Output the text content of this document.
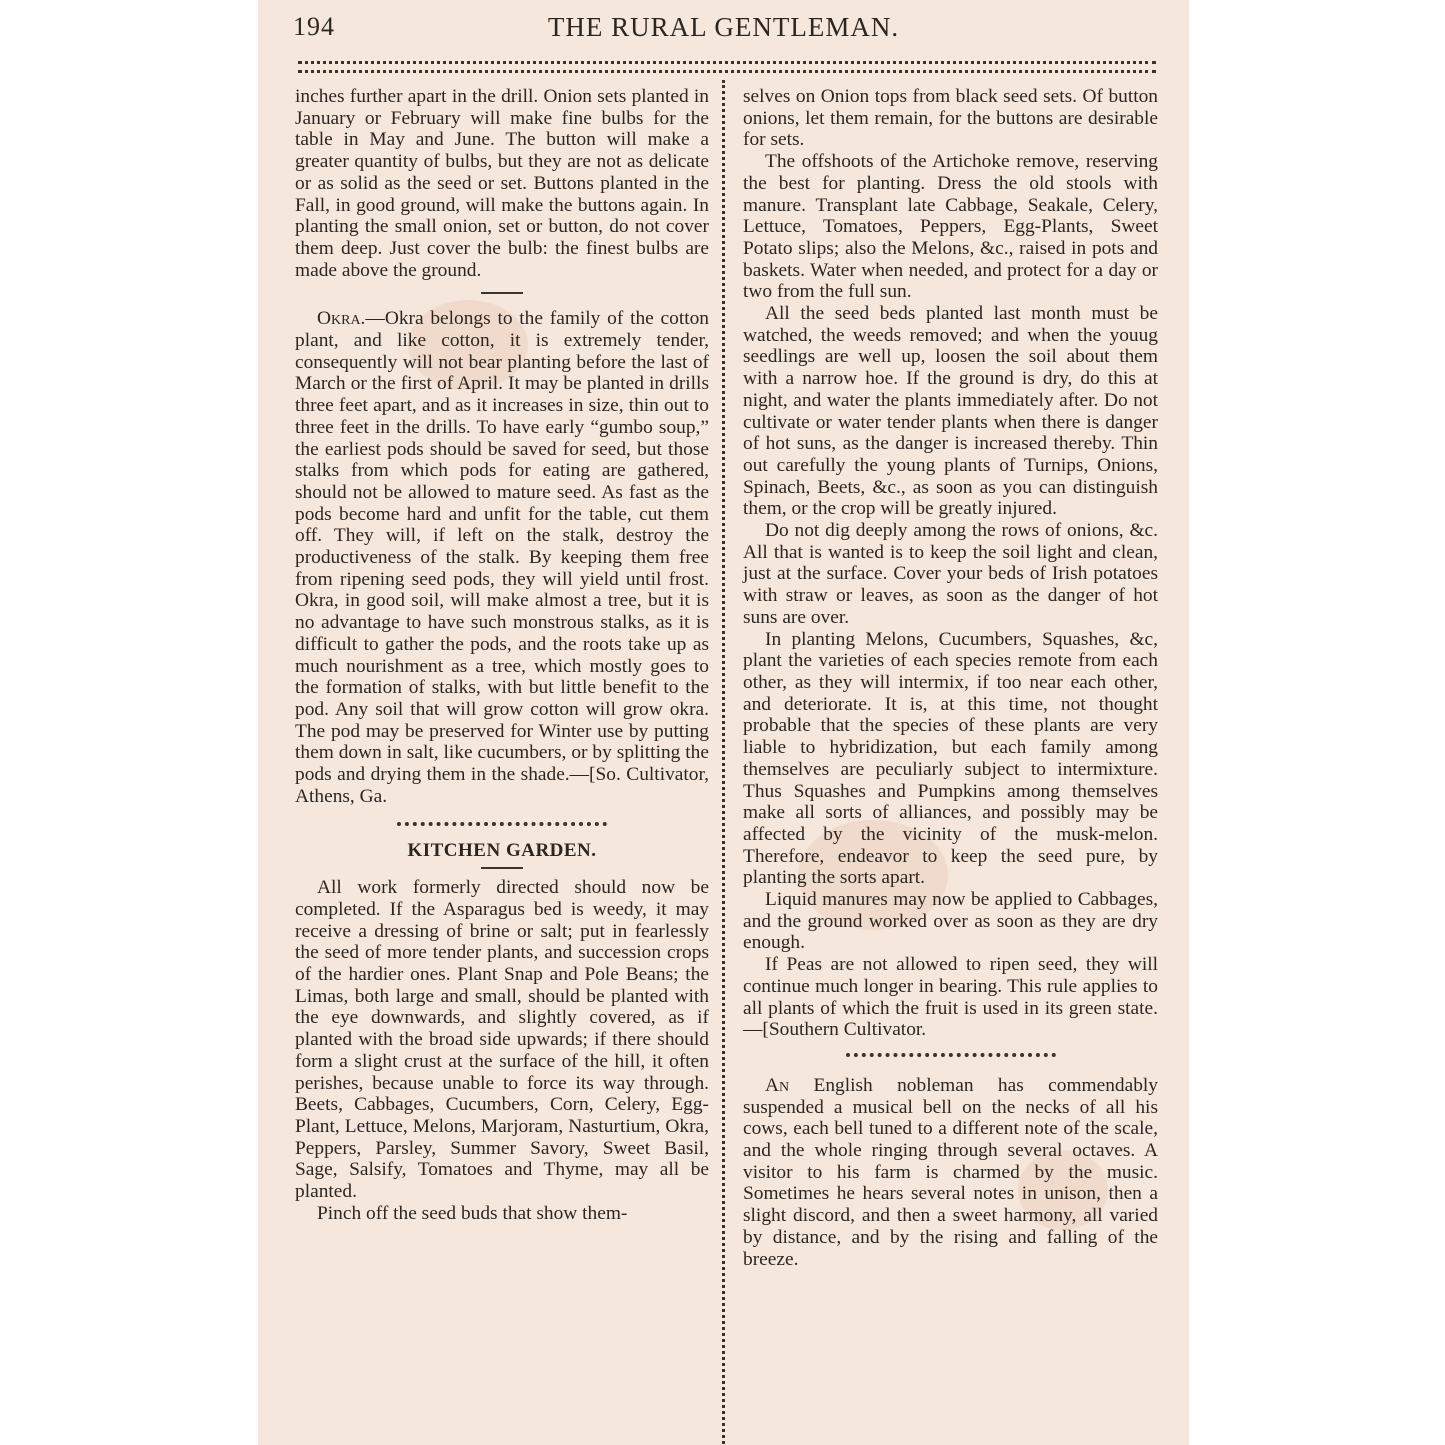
194	THE RURAL GENTLEMAN.

inches further apart in the drill. Onion sets planted in January or February will make fine bulbs for the table in May and June. The button will make a greater quantity of bulbs, but they are not as delicate or as solid as the seed or set. Buttons planted in the Fall, in good ground, will make the buttons again. In planting the small onion, set or button, do not cover them deep. Just cover the bulb: the finest bulbs are made above the ground.

Okra.—Okra belongs to the family of the cotton plant, and like cotton, it is extremely tender, consequently will not bear planting before the last of March or the first of April. It may be planted in drills three feet apart, and as it increases in size, thin out to three feet in the drills. To have early “gumbo soup,” the earliest pods should be saved for seed, but those stalks from which pods for eating are gathered, should not be allowed to mature seed. As fast as the pods become hard and unfit for the table, cut them off. They will, if left on the stalk, destroy the productiveness of the stalk. By keeping them free from ripening seed pods, they will yield until frost. Okra, in good soil, will make almost a tree, but it is no advantage to have such monstrous stalks, as it is difficult to gather the pods, and the roots take up as much nourishment as a tree, which mostly goes to the formation of stalks, with but little benefit to the pod. Any soil that will grow cotton will grow okra. The pod may be preserved for Winter use by putting them down in salt, like cucumbers, or by splitting the pods and drying them in the shade.—[So. Cultivator, Athens, Ga.

KITCHEN GARDEN.

All work formerly directed should now be completed. If the Asparagus bed is weedy, it may receive a dressing of brine or salt; put in fearlessly the seed of more tender plants, and succession crops of the hardier ones. Plant Snap and Pole Beans; the Limas, both large and small, should be planted with the eye downwards, and slightly covered, as if planted with the broad side upwards; if there should form a slight crust at the surface of the hill, it often perishes, because unable to force its way through. Beets, Cabbages, Cucumbers, Corn, Celery, Egg-Plant, Lettuce, Melons, Marjoram, Nasturtium, Okra, Peppers, Parsley, Summer Savory, Sweet Basil, Sage, Salsify, Tomatoes and Thyme, may all be planted.

Pinch off the seed buds that show them-

selves on Onion tops from black seed sets. Of button onions, let them remain, for the buttons are desirable for sets.

The offshoots of the Artichoke remove, reserving the best for planting. Dress the old stools with manure. Transplant late Cabbage, Seakale, Celery, Lettuce, Tomatoes, Peppers, Egg-Plants, Sweet Potato slips; also the Melons, &c., raised in pots and baskets. Water when needed, and protect for a day or two from the full sun.

All the seed beds planted last month must be watched, the weeds removed; and when the youug seedlings are well up, loosen the soil about them with a narrow hoe. If the ground is dry, do this at night, and water the plants immediately after. Do not cultivate or water tender plants when there is danger of hot suns, as the danger is increased thereby. Thin out carefully the young plants of Turnips, Onions, Spinach, Beets, &c., as soon as you can distinguish them, or the crop will be greatly injured.

Do not dig deeply among the rows of onions, &c. All that is wanted is to keep the soil light and clean, just at the surface. Cover your beds of Irish potatoes with straw or leaves, as soon as the danger of hot suns are over.

In planting Melons, Cucumbers, Squashes, &c, plant the varieties of each species remote from each other, as they will intermix, if too near each other, and deteriorate. It is, at this time, not thought probable that the species of these plants are very liable to hybridization, but each family among themselves are peculiarly subject to intermixture. Thus Squashes and Pumpkins among themselves make all sorts of alliances, and possibly may be affected by the vicinity of the musk-melon. Therefore, endeavor to keep the seed pure, by planting the sorts apart.

Liquid manures may now be applied to Cabbages, and the ground worked over as soon as they are dry enough.

If Peas are not allowed to ripen seed, they will continue much longer in bearing. This rule applies to all plants of which the fruit is used in its green state.—[Southern Cultivator.

An English nobleman has commendably suspended a musical bell on the necks of all his cows, each bell tuned to a different note of the scale, and the whole ringing through several octaves. A visitor to his farm is charmed by the music. Sometimes he hears several notes in unison, then a slight discord, and then a sweet harmony, all varied by distance, and by the rising and falling of the breeze.
